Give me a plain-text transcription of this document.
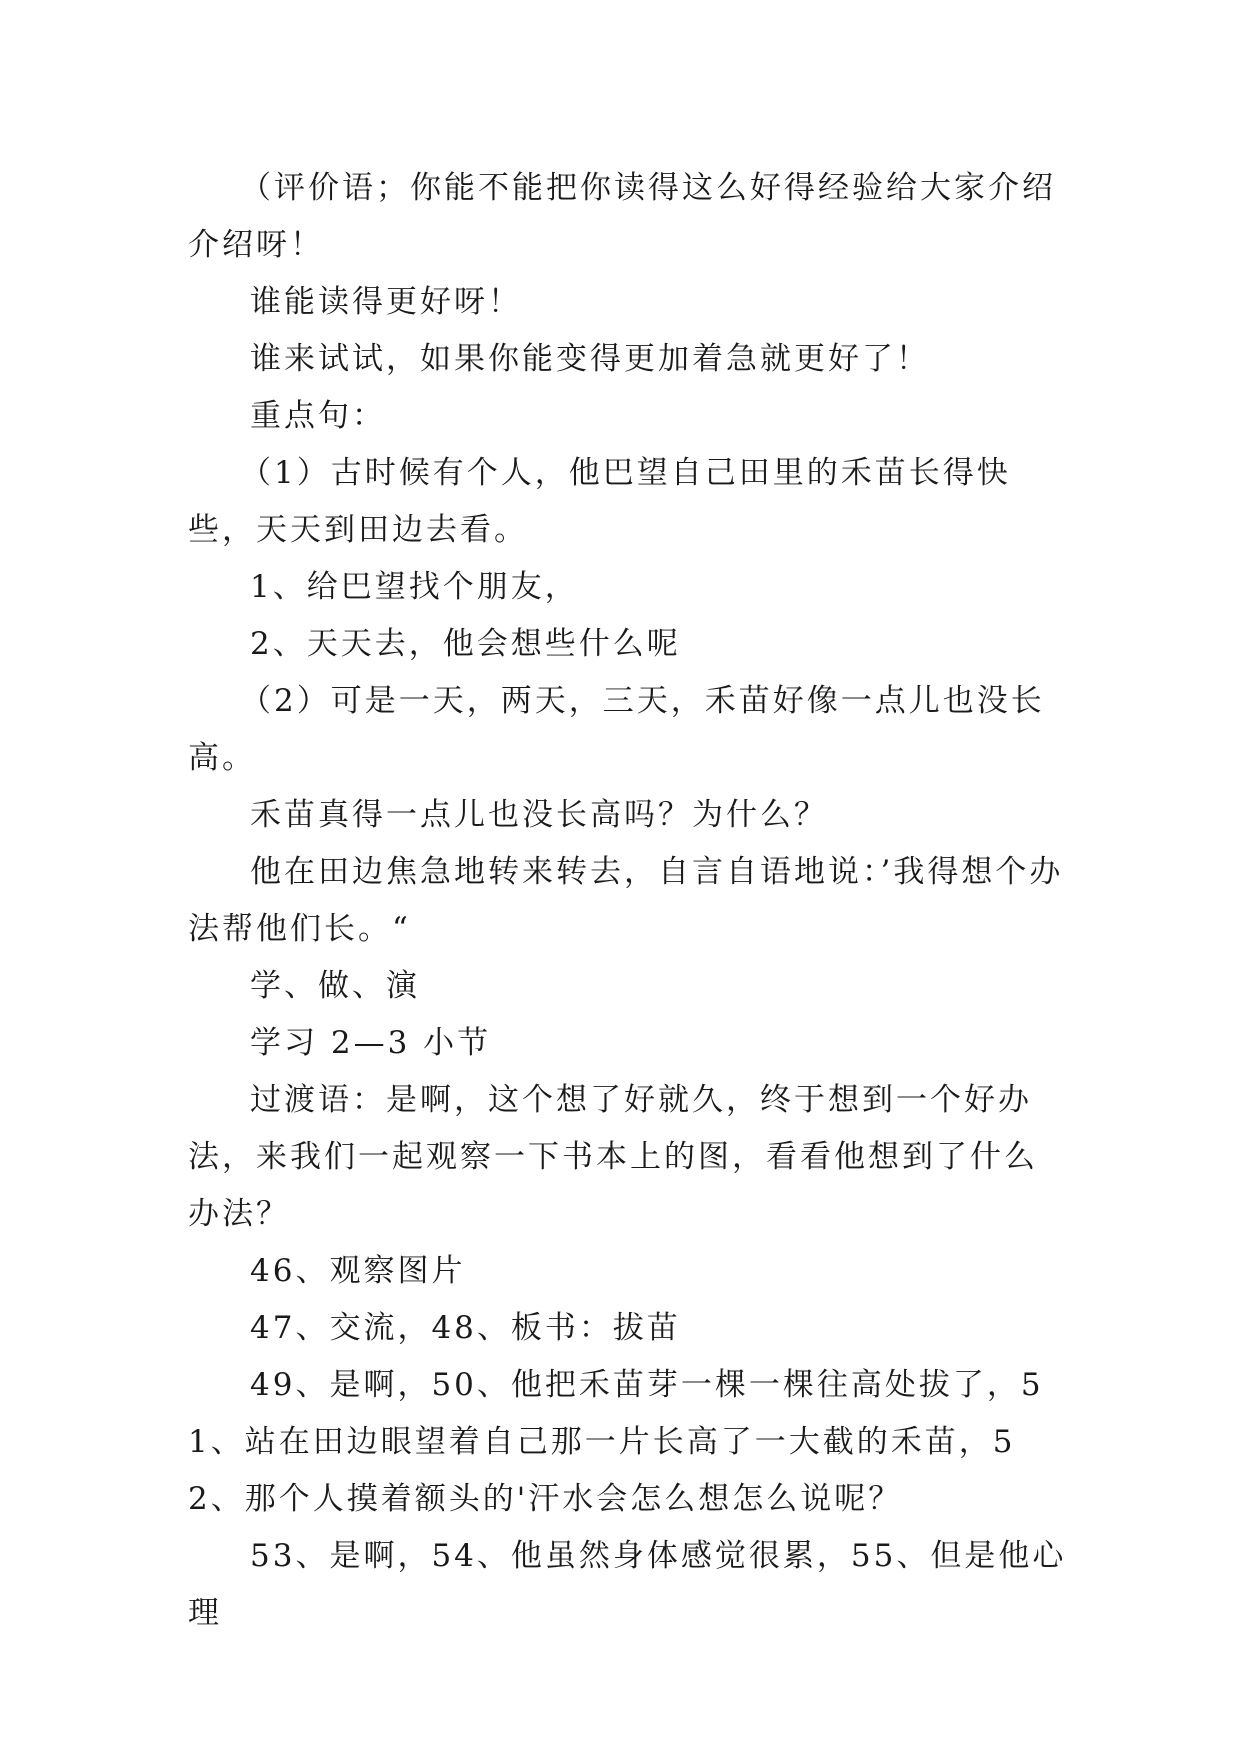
（评价语；你能不能把你读得这么好得经验给大家介绍介绍呀！

谁能读得更好呀！

谁来试试，如果你能变得更加着急就更好了！

重点句：

（1）古时候有个人，他巴望自己田里的禾苗长得快些，天天到田边去看。

1、给巴望找个朋友，

2、天天去，他会想些什么呢

（2）可是一天，两天，三天，禾苗好像一点儿也没长高。

禾苗真得一点儿也没长高吗？为什么？

他在田边焦急地转来转去，自言自语地说：’我得想个办法帮他们长。“

学、做、演

学习 2—3 小节

过渡语：是啊，这个想了好就久，终于想到一个好办法，来我们一起观察一下书本上的图，看看他想到了什么办法？

46、观察图片

47、交流，48、板书：拔苗

49、是啊，50、他把禾苗芽一棵一棵往高处拔了，51、站在田边眼望着自己那一片长高了一大截的禾苗，52、那个人摸着额头的'汗水会怎么想怎么说呢？

53、是啊，54、他虽然身体感觉很累，55、但是他心理
